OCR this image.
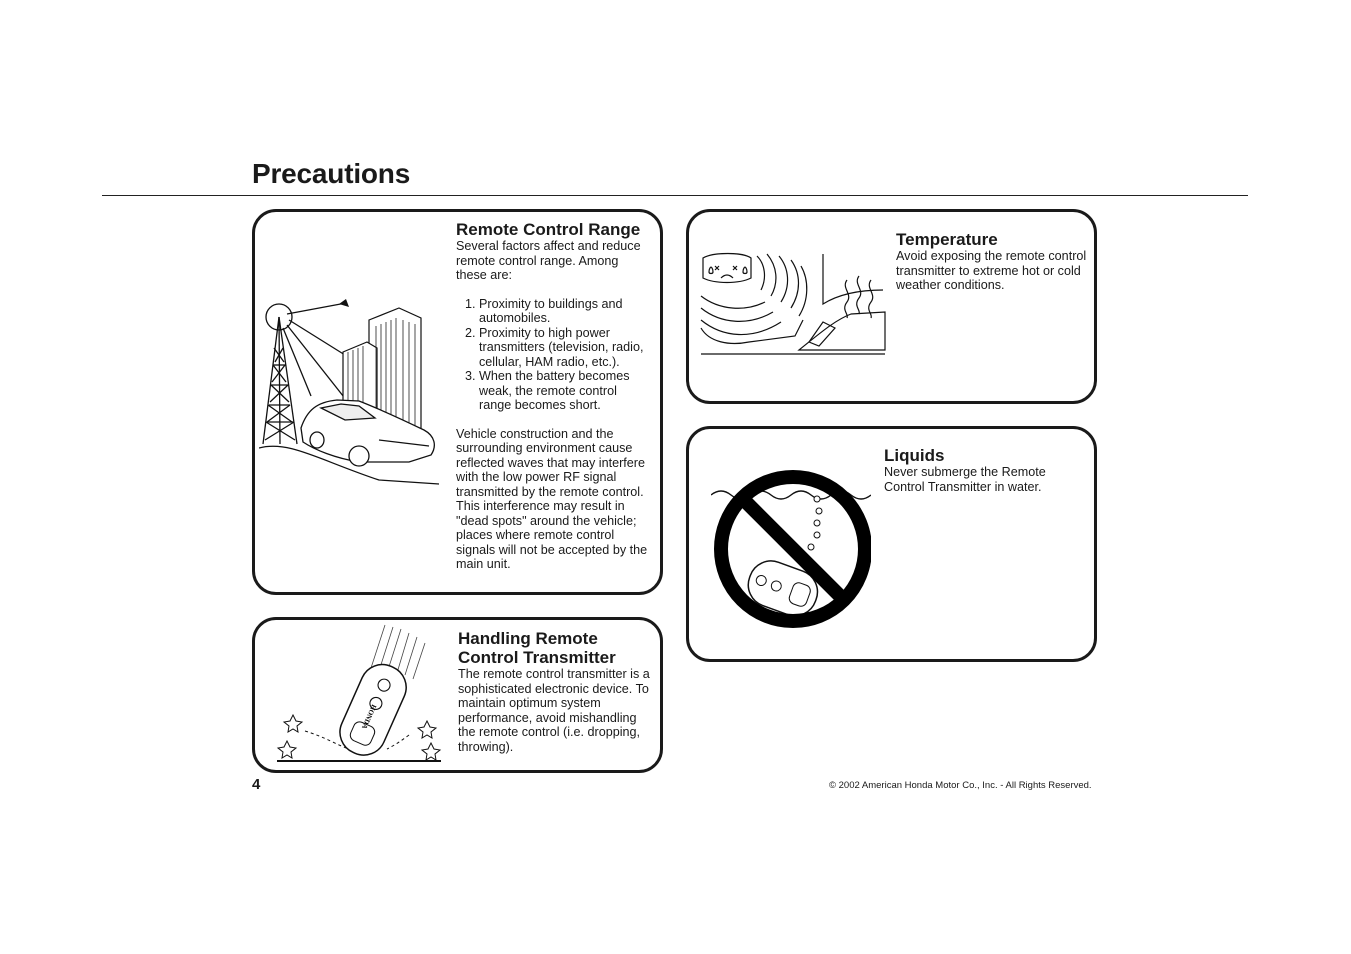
Precautions
Remote Control Range

Several factors affect and reduce remote control range. Among these are:

1. Proximity to buildings and automobiles.
2. Proximity to high power transmitters (television, radio, cellular, HAM radio, etc.).
3. When the battery becomes weak, the remote control range becomes short.

Vehicle construction and the surrounding environment cause reflected waves that may interfere with the low power RF signal transmitted by the remote control. This interference may result in "dead spots" around the vehicle; places where remote control signals will not be accepted by the main unit.

HONDA
Handling Remote
Control Transmitter

The remote control transmitter is a sophisticated electronic device. To maintain optimum system performance, avoid mishandling the remote control (i.e. dropping, throwing).

Temperature

Avoid exposing the remote control transmitter to extreme hot or cold weather conditions.

Liquids

Never submerge the Remote Control Transmitter in water.

4	© 2002 American Honda Motor Co., Inc. - All Rights Reserved.
